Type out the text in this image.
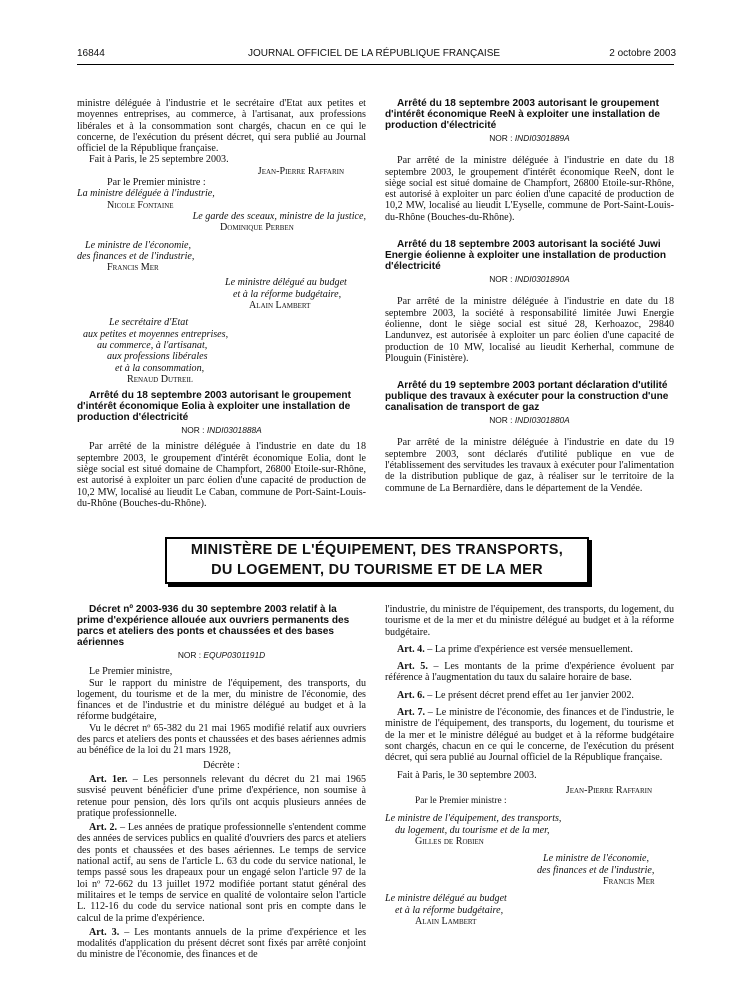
16844	JOURNAL OFFICIEL DE LA RÉPUBLIQUE FRANÇAISE	2 octobre 2003

ministre déléguée à l'industrie et le secrétaire d'Etat aux petites et moyennes entreprises, au commerce, à l'artisanat, aux professions libérales et à la consommation sont chargés, chacun en ce qui le concerne, de l'exécution du présent décret, qui sera publié au Journal officiel de la République française.

Fait à Paris, le 25 septembre 2003.

Jean-Pierre Raffarin

Par le Premier ministre :

La ministre déléguée à l'industrie,

Nicole Fontaine

Le garde des sceaux, ministre de la justice,

Dominique Perben

Le ministre de l'économie,

des finances et de l'industrie,

Francis Mer

Le ministre délégué au budget

et à la réforme budgétaire,

Alain Lambert

Le secrétaire d'Etat

aux petites et moyennes entreprises,

au commerce, à l'artisanat,

aux professions libérales

et à la consommation,

Renaud Dutreil

Arrêté du 18 septembre 2003 autorisant le groupement d'intérêt économique Eolia à exploiter une installation de production d'électricité

NOR : INDI0301888A

Par arrêté de la ministre déléguée à l'industrie en date du 18 septembre 2003, le groupement d'intérêt économique Eolia, dont le siège social est situé domaine de Champfort, 26800 Etoile-sur-Rhône, est autorisé à exploiter un parc éolien d'une capacité de production de 10,2 MW, localisé au lieudit Le Caban, commune de Port-Saint-Louis-du-Rhône (Bouches-du-Rhône).

Arrêté du 18 septembre 2003 autorisant le groupement d'intérêt économique ReeN à exploiter une installation de production d'électricité

NOR : INDI0301889A

Par arrêté de la ministre déléguée à l'industrie en date du 18 septembre 2003, le groupement d'intérêt économique ReeN, dont le siège social est situé domaine de Champfort, 26800 Etoile-sur-Rhône, est autorisé à exploiter un parc éolien d'une capacité de production de 10,2 MW, localisé au lieudit L'Eyselle, commune de Port-Saint-Louis-du-Rhône (Bouches-du-Rhône).

Arrêté du 18 septembre 2003 autorisant la société Juwi Energie éolienne à exploiter une installation de production d'électricité

NOR : INDI0301890A

Par arrêté de la ministre déléguée à l'industrie en date du 18 septembre 2003, la société à responsabilité limitée Juwi Energie éolienne, dont le siège social est situé 28, Kerhoazoc, 29840 Landunvez, est autorisée à exploiter un parc éolien d'une capacité de production de 10 MW, localisé au lieudit Kerherhal, commune de Plouguin (Finistère).

Arrêté du 19 septembre 2003 portant déclaration d'utilité publique des travaux à exécuter pour la construction d'une canalisation de transport de gaz

NOR : INDI0301880A

Par arrêté de la ministre déléguée à l'industrie en date du 19 septembre 2003, sont déclarés d'utilité publique en vue de l'établissement des servitudes les travaux à exécuter pour l'alimentation de la distribution publique de gaz, à réaliser sur le territoire de la commune de La Bernardière, dans le département de la Vendée.

MINISTÈRE DE L'ÉQUIPEMENT, DES TRANSPORTS,
DU LOGEMENT, DU TOURISME ET DE LA MER

Décret nº 2003-936 du 30 septembre 2003 relatif à la prime d'expérience allouée aux ouvriers permanents des parcs et ateliers des ponts et chaussées et des bases aériennes

NOR : EQUP0301191D

Le Premier ministre,

Sur le rapport du ministre de l'équipement, des transports, du logement, du tourisme et de la mer, du ministre de l'économie, des finances et de l'industrie et du ministre délégué au budget et à la réforme budgétaire,

Vu le décret nº 65-382 du 21 mai 1965 modifié relatif aux ouvriers des parcs et ateliers des ponts et chaussées et des bases aériennes admis au bénéfice de la loi du 21 mars 1928,

Décrète :

Art. 1er. – Les personnels relevant du décret du 21 mai 1965 susvisé peuvent bénéficier d'une prime d'expérience, non soumise à retenue pour pension, dès lors qu'ils ont acquis plusieurs années de pratique professionnelle.

Art. 2. – Les années de pratique professionnelle s'entendent comme des années de services publics en qualité d'ouvriers des parcs et ateliers des ponts et chaussées et des bases aériennes. Le temps de service national actif, au sens de l'article L. 63 du code du service national, le temps passé sous les drapeaux pour un engagé selon l'article 97 de la loi nº 72-662 du 13 juillet 1972 modifiée portant statut général des militaires et le temps de service en qualité de volontaire selon l'article L. 112-16 du code du service national sont pris en compte dans le calcul de la prime d'expérience.

Art. 3. – Les montants annuels de la prime d'expérience et les modalités d'application du présent décret sont fixés par arrêté conjoint du ministre de l'économie, des finances et de

l'industrie, du ministre de l'équipement, des transports, du logement, du tourisme et de la mer et du ministre délégué au budget et à la réforme budgétaire.

Art. 4. – La prime d'expérience est versée mensuellement.

Art. 5. – Les montants de la prime d'expérience évoluent par référence à l'augmentation du taux du salaire horaire de base.

Art. 6. – Le présent décret prend effet au 1er janvier 2002.

Art. 7. – Le ministre de l'économie, des finances et de l'industrie, le ministre de l'équipement, des transports, du logement, du tourisme et de la mer et le ministre délégué au budget et à la réforme budgétaire sont chargés, chacun en ce qui le concerne, de l'exécution du présent décret, qui sera publié au Journal officiel de la République française.

Fait à Paris, le 30 septembre 2003.

Jean-Pierre Raffarin

Par le Premier ministre :

Le ministre de l'équipement, des transports,

du logement, du tourisme et de la mer,

Gilles de Robien

Le ministre de l'économie,

des finances et de l'industrie,

Francis Mer

Le ministre délégué au budget

et à la réforme budgétaire,

Alain Lambert
